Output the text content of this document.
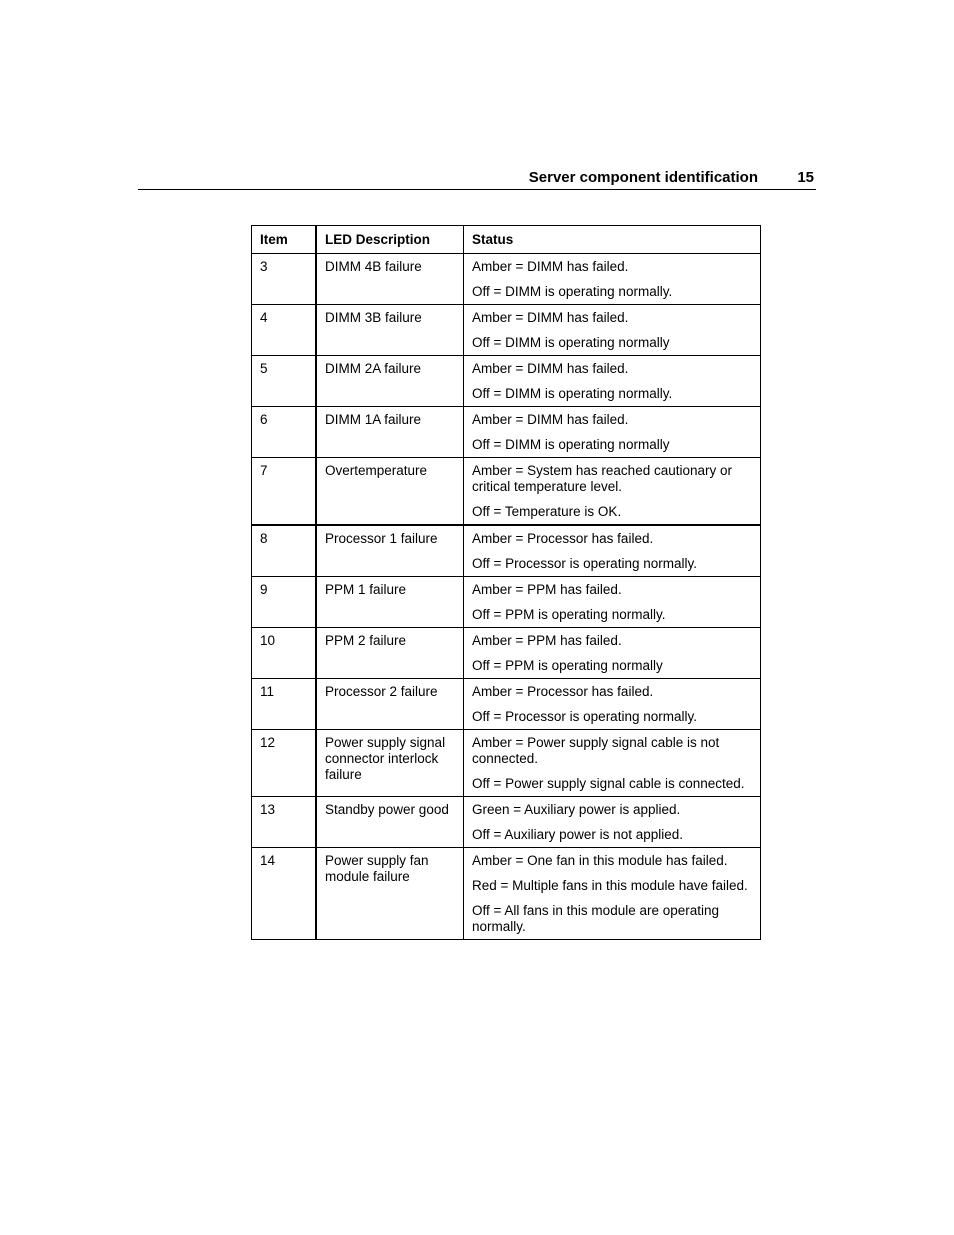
Server component identification	15
Item	LED Description	Status
3	DIMM 4B failure	Amber = DIMM has failed.
Off = DIMM is operating normally.

4	DIMM 3B failure	Amber = DIMM has failed.
Off = DIMM is operating normally

5	DIMM 2A failure	Amber = DIMM has failed.
Off = DIMM is operating normally.

6	DIMM 1A failure	Amber = DIMM has failed.
Off = DIMM is operating normally

7	Overtemperature	Amber = System has reached cautionary or critical temperature level.
Off = Temperature is OK.

8	Processor 1 failure	Amber = Processor has failed.
Off = Processor is operating normally.

9	PPM 1 failure	Amber = PPM has failed.
Off = PPM is operating normally.

10	PPM 2 failure	Amber = PPM has failed.
Off = PPM is operating normally

11	Processor 2 failure	Amber = Processor has failed.
Off = Processor is operating normally.

12	Power supply signal connector interlock failure	Amber = Power supply signal cable is not connected.
Off = Power supply signal cable is connected.

13	Standby power good	Green = Auxiliary power is applied.
Off = Auxiliary power is not applied.

14	Power supply fan module failure	Amber = One fan in this module has failed.
Red = Multiple fans in this module have failed.
Off = All fans in this module are operating normally.
